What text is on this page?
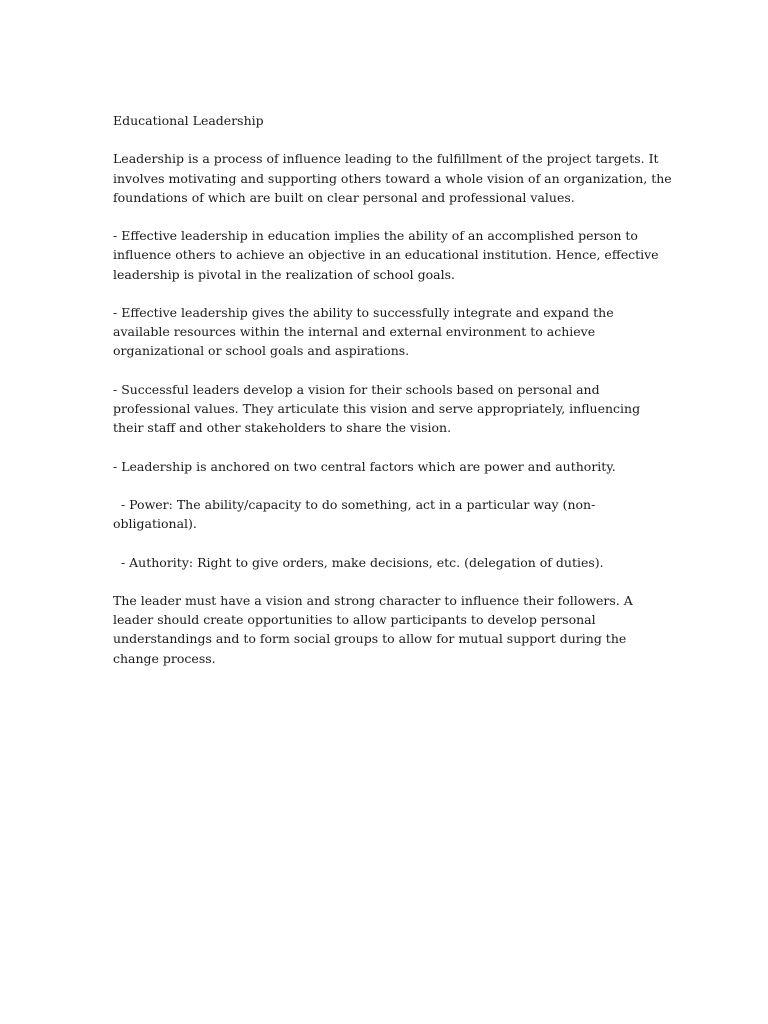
Educational Leadership

Leadership is a process of influence leading to the fulfillment of the project targets. It involves motivating and supporting others toward a whole vision of an organization, the foundations of which are built on clear personal and professional values.

- Effective leadership in education implies the ability of an accomplished person to influence others to achieve an objective in an educational institution. Hence, effective leadership is pivotal in the realization of school goals.

- Effective leadership gives the ability to successfully integrate and expand the available resources within the internal and external environment to achieve organizational or school goals and aspirations.

- Successful leaders develop a vision for their schools based on personal and professional values. They articulate this vision and serve appropriately, influencing their staff and other stakeholders to share the vision.

- Leadership is anchored on two central factors which are power and authority.

- Power: The ability/capacity to do something, act in a particular way (non-obligational).

- Authority: Right to give orders, make decisions, etc. (delegation of duties).

The leader must have a vision and strong character to influence their followers. A leader should create opportunities to allow participants to develop personal understandings and to form social groups to allow for mutual support during the change process.
